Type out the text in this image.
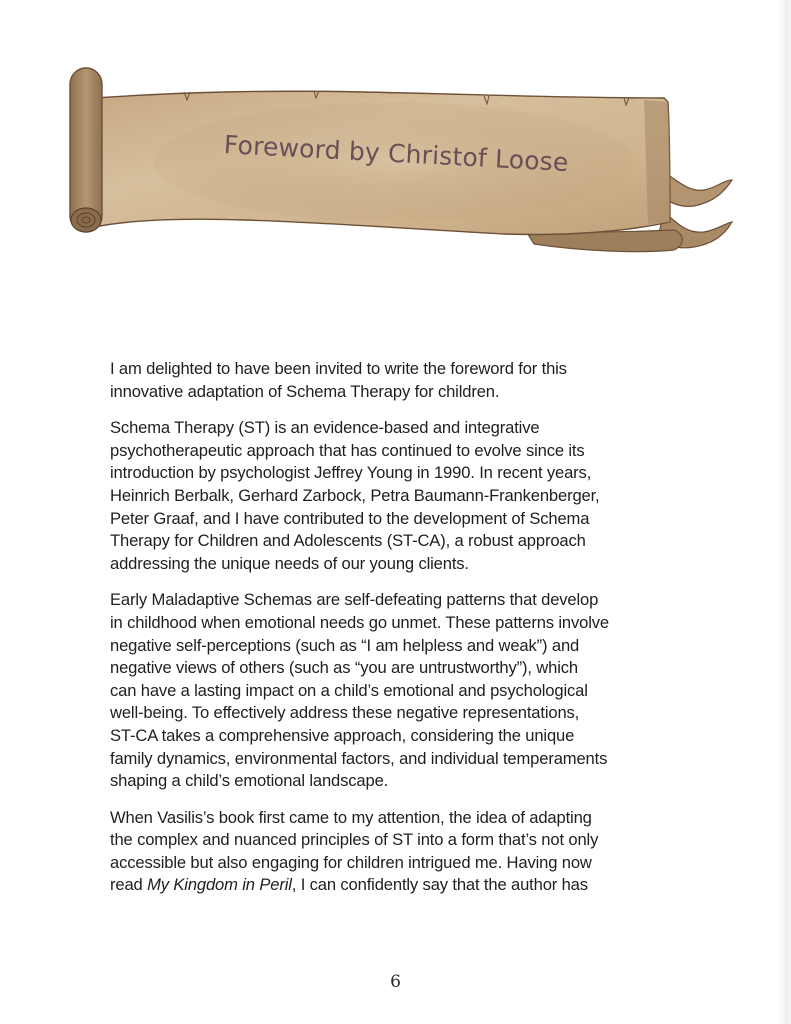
Foreword by Christof Loose
I am delighted to have been invited to write the foreword for this
innovative adaptation of Schema Therapy for children.
Schema Therapy (ST) is an evidence-based and integrative
psychotherapeutic approach that has continued to evolve since its
introduction by psychologist Jeffrey Young in 1990. In recent years,
Heinrich Berbalk, Gerhard Zarbock, Petra Baumann-Frankenberger,
Peter Graaf, and I have contributed to the development of Schema
Therapy for Children and Adolescents (ST-CA), a robust approach
addressing the unique needs of our young clients.
Early Maladaptive Schemas are self-defeating patterns that develop
in childhood when emotional needs go unmet. These patterns involve
negative self-perceptions (such as “I am helpless and weak”) and
negative views of others (such as “you are untrustworthy”), which
can have a lasting impact on a child’s emotional and psychological
well-being. To effectively address these negative representations,
ST-CA takes a comprehensive approach, considering the unique
family dynamics, environmental factors, and individual temperaments
shaping a child’s emotional landscape.
When Vasilis’s book first came to my attention, the idea of adapting
the complex and nuanced principles of ST into a form that’s not only
accessible but also engaging for children intrigued me. Having now
read My Kingdom in Peril, I can confidently say that the author has
6
